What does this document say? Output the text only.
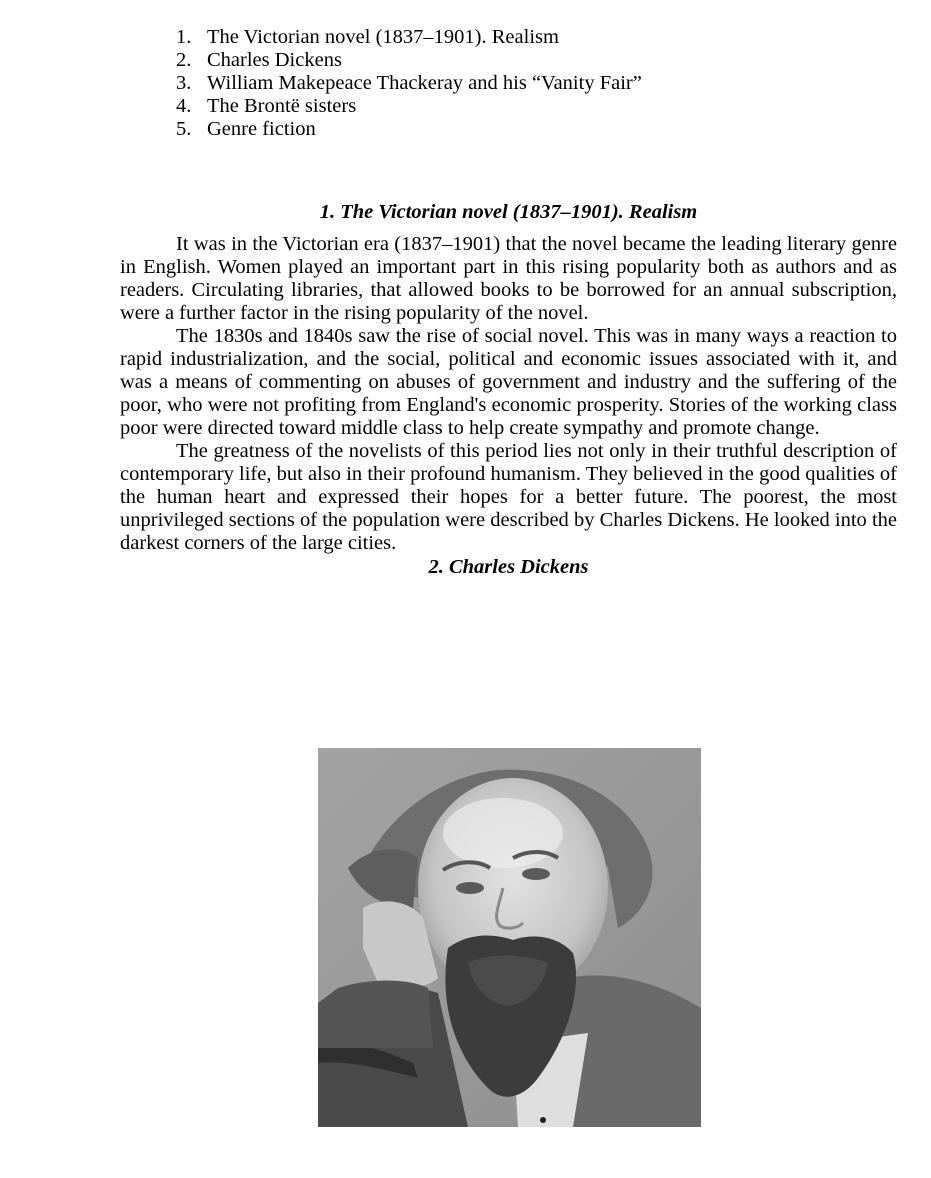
1. The Victorian novel (1837–1901). Realism
2. Charles Dickens
3. William Makepeace Thackeray and his “Vanity Fair”
4. The Brontë sisters
5. Genre fiction
1. The Victorian novel (1837–1901). Realism

It was in the Victorian era (1837–1901) that the novel became the leading literary genre in English. Women played an important part in this rising popularity both as authors and as readers. Circulating libraries, that allowed books to be borrowed for an annual subscription, were a further factor in the rising popularity of the novel.

The 1830s and 1840s saw the rise of social novel. This was in many ways a reaction to rapid industrialization, and the social, political and economic issues associated with it, and was a means of commenting on abuses of government and industry and the suffering of the poor, who were not profiting from England's economic prosperity. Stories of the working class poor were directed toward middle class to help create sympathy and promote change.

The greatness of the novelists of this period lies not only in their truthful description of contemporary life, but also in their profound humanism. They believed in the good qualities of the human heart and expressed their hopes for a better future. The poorest, the most unprivileged sections of the population were described by Charles Dickens. He looked into the darkest corners of the large cities.

2. Charles Dickens
